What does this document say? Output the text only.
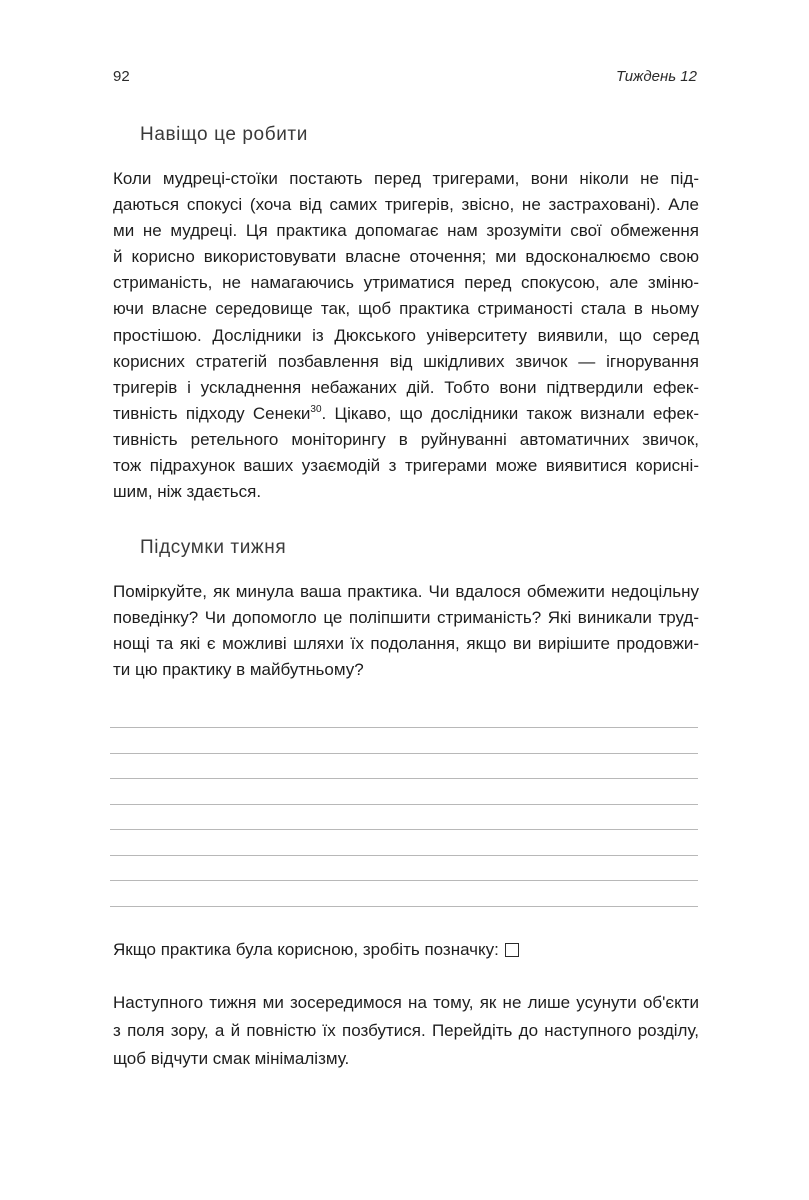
92	Тиждень 12
Навіщо це робити
Коли мудреці-стоїки постають перед тригерами, вони ніколи не під-
даються спокусі (хоча від самих тригерів, звісно, не застраховані). Але
ми не мудреці. Ця практика допомагає нам зрозуміти свої обмеження
й корисно використовувати власне оточення; ми вдосконалюємо свою
стриманість, не намагаючись утриматися перед спокусою, але зміню-
ючи власне середовище так, щоб практика стриманості стала в ньому
простішою. Дослідники із Дюкського університету виявили, що серед
корисних стратегій позбавлення від шкідливих звичок — ігнорування
тригерів і ускладнення небажаних дій. Тобто вони підтвердили ефек-
тивність підходу Сенеки$^{30}$. Цікаво, що дослідники також визнали ефек-
тивність ретельного моніторингу в руйнуванні автоматичних звичок,
тож підрахунок ваших узаємодій з тригерами може виявитися корисні-
шим, ніж здається.
Підсумки тижня
Поміркуйте, як минула ваша практика. Чи вдалося обмежити недоцільну
поведінку? Чи допомогло це поліпшити стриманість? Які виникали труд-
нощі та які є можливі шляхи їх подолання, якщо ви вирішите продовжи-
ти цю практику в майбутньому?
Якщо практика була корисною, зробіть позначку:
Наступного тижня ми зосередимося на тому, як не лише усунути об'єкти
з поля зору, а й повністю їх позбутися. Перейдіть до наступного розділу,
щоб відчути смак мінімалізму.
